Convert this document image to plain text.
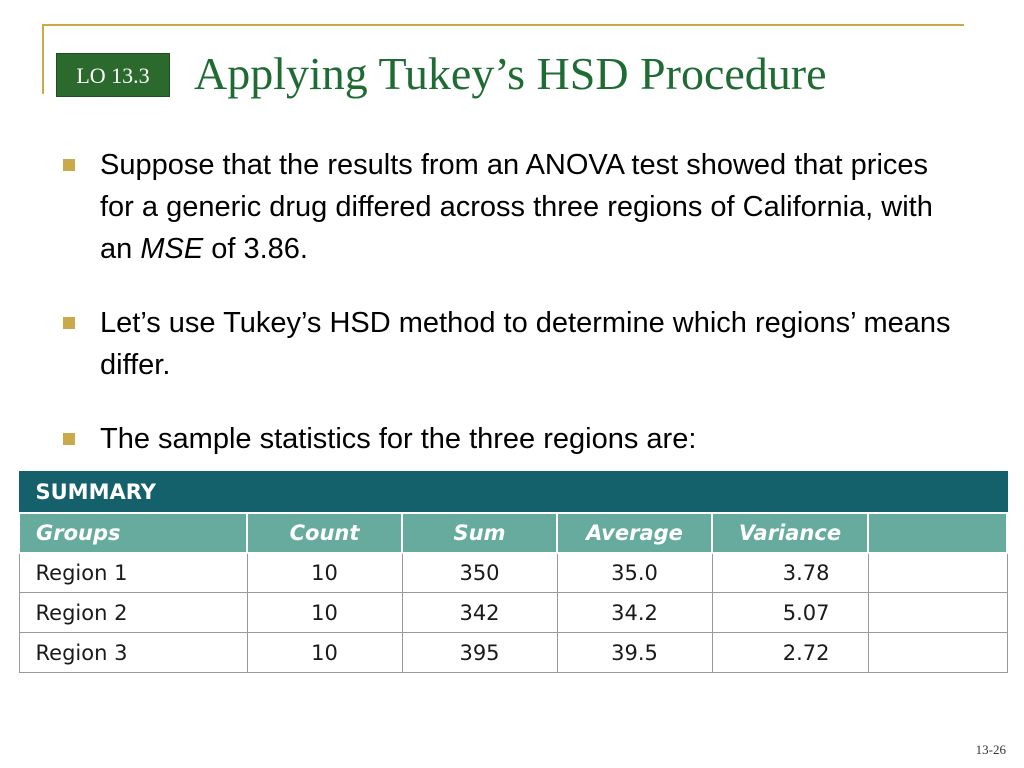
LO 13.3 Applying Tukey’s HSD Procedure
Suppose that the results from an ANOVA test showed that prices for a generic drug differed across three regions of California, with an MSE of 3.86.
Let’s use Tukey’s HSD method to determine which regions’ means differ.
The sample statistics for the three regions are:
SUMMARY					
Groups	Count	Sum	Average	Variance	
Region 1	10	350	35.0	3.78	
Region 2	10	342	34.2	5.07	
Region 3	10	395	39.5	2.72	
13-26
